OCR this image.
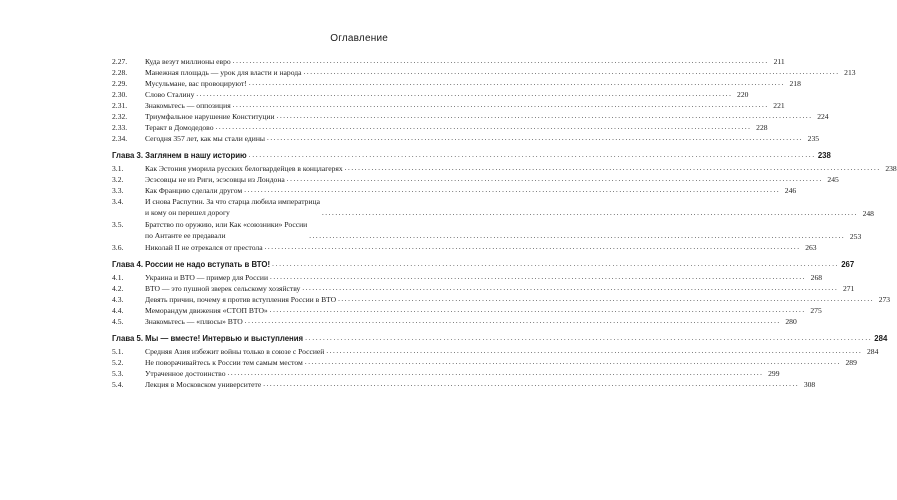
Оглавление
2.27.	Куда везут миллионы евро ................................................................................................................................................................ 211
2.28.	Манежная площадь — урок для власти и народа ................................................................................................................................................................ 213
2.29.	Мусульмане, вас провоцируют! ................................................................................................................................................................ 218
2.30.	Слово Сталину ................................................................................................................................................................ 220
2.31.	Знакомьтесь — оппозиция ................................................................................................................................................................ 221
2.32.	Триумфальное нарушение Конституции ................................................................................................................................................................ 224
2.33.	Теракт в Домодедово ................................................................................................................................................................ 228
2.34.	Сегодня 357 лет, как мы стали едины ................................................................................................................................................................ 235
Глава 3. Заглянем в нашу историю ................................................................................................................................................................ 238
3.1.	Как Эстония уморила русских белогвардейцев в концлагерях ................................................................................................................................................................ 238
3.2.	Эсэсовцы не из Риги, эсэсовцы из Лондона ................................................................................................................................................................ 245
3.3.	Как Францию сделали другом ................................................................................................................................................................ 246
3.4.	И снова Распутин. За что старца любила императрица
и кому он перешел дорогу	................................................................................................................................................................ 248
3.5.	Братство по оружию, или Как «союзники» России
по Антанте ее предавали	................................................................................................................................................................ 253
3.6.	Николай II не отрекался от престола ................................................................................................................................................................ 263
Глава 4. России не надо вступать в ВТО! ................................................................................................................................................................ 267
4.1.	Украина и ВТО — пример для России ................................................................................................................................................................ 268
4.2.	ВТО — это пушной зверек сельскому хозяйству ................................................................................................................................................................ 271
4.3.	Девять причин, почему я против вступления России в ВТО ................................................................................................................................................................ 273
4.4.	Меморандум движения «СТОП ВТО» ................................................................................................................................................................ 275
4.5.	Знакомьтесь — «плюсы» ВТО ................................................................................................................................................................ 280
Глава 5. Мы — вместе! Интервью и выступления ................................................................................................................................................................ 284
5.1.	Средняя Азия избежит войны только в союзе с Россией ................................................................................................................................................................ 284
5.2.	Не поворачивайтесь к России тем самым местом ................................................................................................................................................................ 289
5.3.	Утраченное достоинство ................................................................................................................................................................ 299
5.4.	Лекция в Московском университете ................................................................................................................................................................ 308
